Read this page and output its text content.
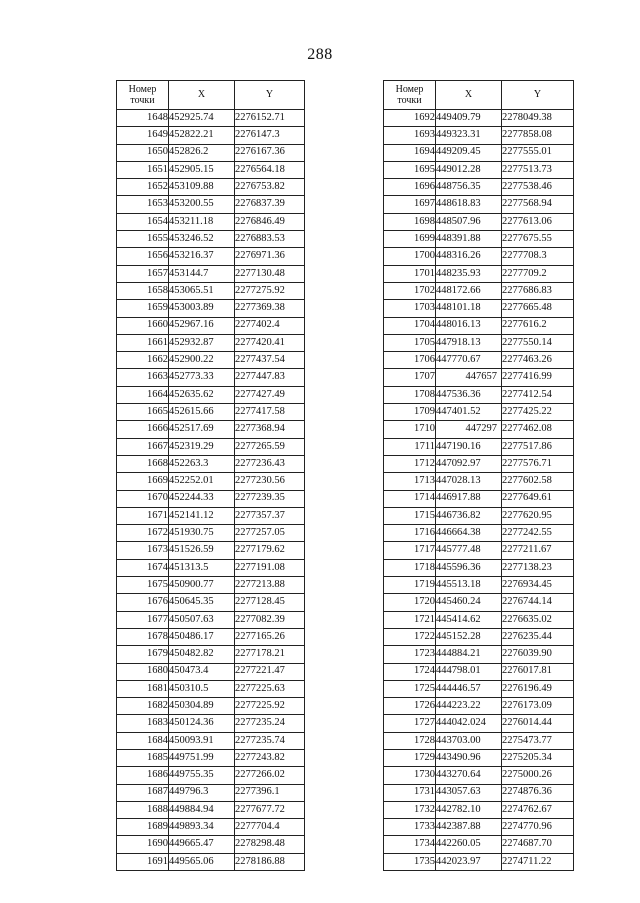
288
Номер
точки	X	Y
1648	452925.74	2276152.71
1649	452822.21	2276147.3
1650	452826.2	2276167.36
1651	452905.15	2276564.18
1652	453109.88	2276753.82
1653	453200.55	2276837.39
1654	453211.18	2276846.49
1655	453246.52	2276883.53
1656	453216.37	2276971.36
1657	453144.7	2277130.48
1658	453065.51	2277275.92
1659	453003.89	2277369.38
1660	452967.16	2277402.4
1661	452932.87	2277420.41
1662	452900.22	2277437.54
1663	452773.33	2277447.83
1664	452635.62	2277427.49
1665	452615.66	2277417.58
1666	452517.69	2277368.94
1667	452319.29	2277265.59
1668	452263.3	2277236.43
1669	452252.01	2277230.56
1670	452244.33	2277239.35
1671	452141.12	2277357.37
1672	451930.75	2277257.05
1673	451526.59	2277179.62
1674	451313.5	2277191.08
1675	450900.77	2277213.88
1676	450645.35	2277128.45
1677	450507.63	2277082.39
1678	450486.17	2277165.26
1679	450482.82	2277178.21
1680	450473.4	2277221.47
1681	450310.5	2277225.63
1682	450304.89	2277225.92
1683	450124.36	2277235.24
1684	450093.91	2277235.74
1685	449751.99	2277243.82
1686	449755.35	2277266.02
1687	449796.3	2277396.1
1688	449884.94	2277677.72
1689	449893.34	2277704.4
1690	449665.47	2278298.48
1691	449565.06	2278186.88
Номер
точки	X	Y
1692	449409.79	2278049.38
1693	449323.31	2277858.08
1694	449209.45	2277555.01
1695	449012.28	2277513.73
1696	448756.35	2277538.46
1697	448618.83	2277568.94
1698	448507.96	2277613.06
1699	448391.88	2277675.55
1700	448316.26	2277708.3
1701	448235.93	2277709.2
1702	448172.66	2277686.83
1703	448101.18	2277665.48
1704	448016.13	2277616.2
1705	447918.13	2277550.14
1706	447770.67	2277463.26
1707	447657	2277416.99
1708	447536.36	2277412.54
1709	447401.52	2277425.22
1710	447297	2277462.08
1711	447190.16	2277517.86
1712	447092.97	2277576.71
1713	447028.13	2277602.58
1714	446917.88	2277649.61
1715	446736.82	2277620.95
1716	446664.38	2277242.55
1717	445777.48	2277211.67
1718	445596.36	2277138.23
1719	445513.18	2276934.45
1720	445460.24	2276744.14
1721	445414.62	2276635.02
1722	445152.28	2276235.44
1723	444884.21	2276039.90
1724	444798.01	2276017.81
1725	444446.57	2276196.49
1726	444223.22	2276173.09
1727	444042.024	2276014.44
1728	443703.00	2275473.77
1729	443490.96	2275205.34
1730	443270.64	2275000.26
1731	443057.63	2274876.36
1732	442782.10	2274762.67
1733	442387.88	2274770.96
1734	442260.05	2274687.70
1735	442023.97	2274711.22
